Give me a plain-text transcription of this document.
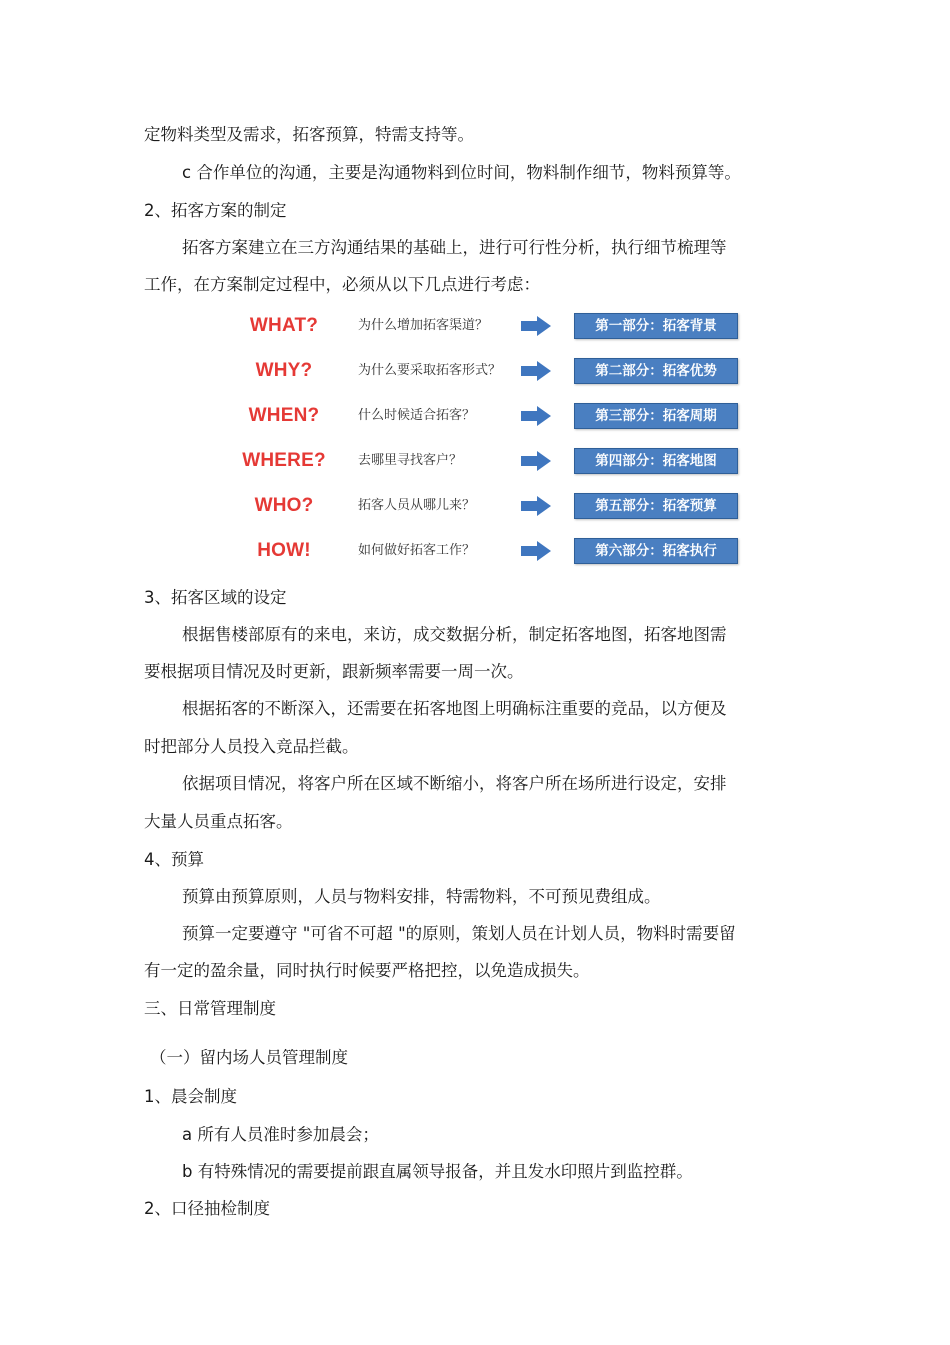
定物料类型及需求，拓客预算，特需支持等。
c 合作单位的沟通，主要是沟通物料到位时间，物料制作细节，物料预算等。
2、拓客方案的制定
拓客方案建立在三方沟通结果的基础上，进行可行性分析，执行细节梳理等
工作，在方案制定过程中，必须从以下几点进行考虑：
WHAT?	为什么增加拓客渠道？	第一部分：拓客背景
WHY?	为什么要采取拓客形式？	第二部分：拓客优势
WHEN?	什么时候适合拓客？	第三部分：拓客周期
WHERE?	去哪里寻找客户？	第四部分：拓客地图
WHO?	拓客人员从哪儿来？	第五部分：拓客预算
HOW!	如何做好拓客工作？	第六部分：拓客执行
3、拓客区域的设定
根据售楼部原有的来电，来访，成交数据分析，制定拓客地图，拓客地图需
要根据项目情况及时更新，跟新频率需要一周一次。
根据拓客的不断深入，还需要在拓客地图上明确标注重要的竞品，以方便及
时把部分人员投入竞品拦截。
依据项目情况，将客户所在区域不断缩小，将客户所在场所进行设定，安排
大量人员重点拓客。
4、预算
预算由预算原则，人员与物料安排，特需物料，不可预见费组成。
预算一定要遵守 "可省不可超 "的原则，策划人员在计划人员，物料时需要留
有一定的盈余量，同时执行时候要严格把控，以免造成损失。
三、日常管理制度
（一）留内场人员管理制度
1、晨会制度
a 所有人员准时参加晨会；
b 有特殊情况的需要提前跟直属领导报备，并且发水印照片到监控群。
2、口径抽检制度
